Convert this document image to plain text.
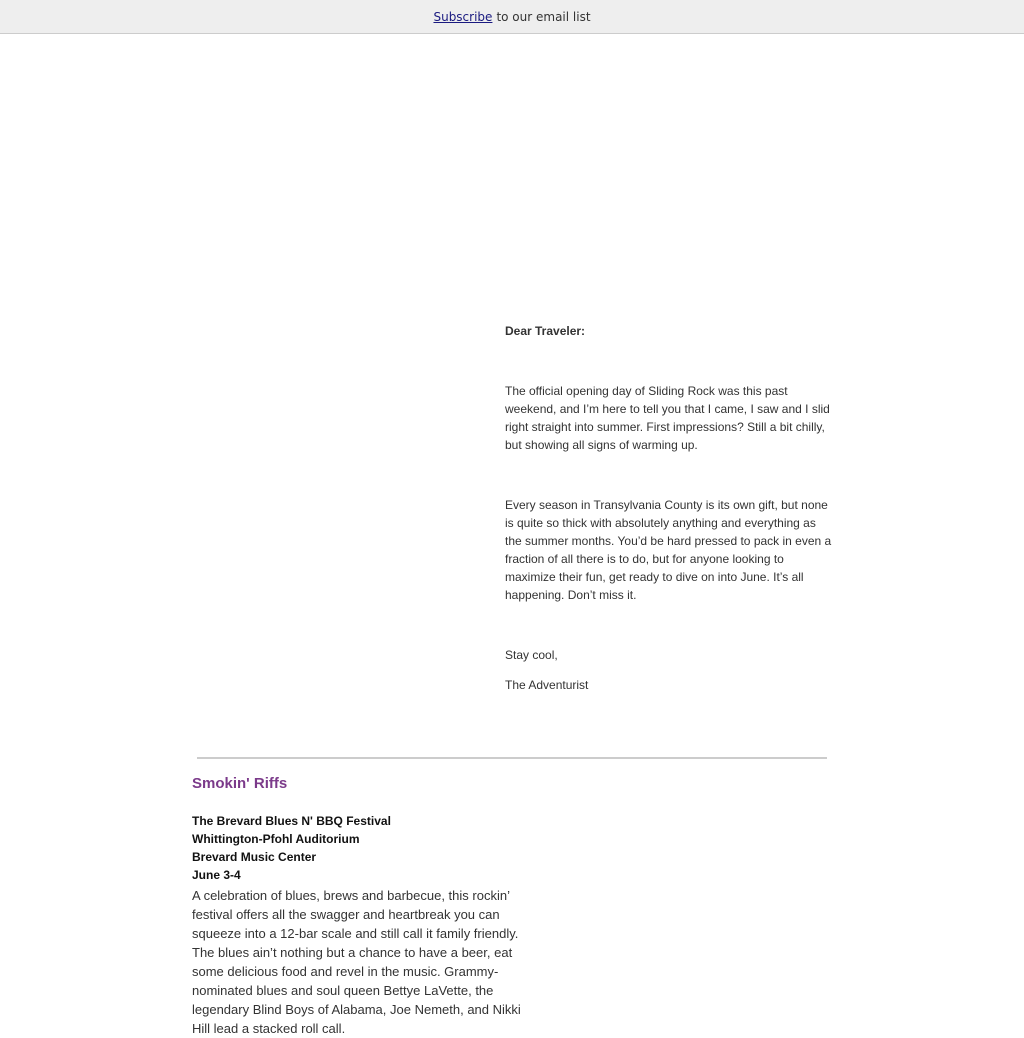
Subscribe to our email list

Dear Traveler:

The official opening day of Sliding Rock was this past weekend, and I’m here to tell you that I came, I saw and I slid right straight into summer. First impressions? Still a bit chilly, but showing all signs of warming up.

Every season in Transylvania County is its own gift, but none is quite so thick with absolutely anything and everything as the summer months. You’d be hard pressed to pack in even a fraction of all there is to do, but for anyone looking to maximize their fun, get ready to dive on into June. It’s all happening. Don’t miss it.

Stay cool,

The Adventurist

Smokin' Riffs
The Brevard Blues N' BBQ Festival
Whittington-Pfohl Auditorium
Brevard Music Center
June 3-4

A celebration of blues, brews and barbecue, this rockin’ festival offers all the swagger and heartbreak you can squeeze into a 12-bar scale and still call it family friendly. The blues ain’t nothing but a chance to have a beer, eat some delicious food and revel in the music. Grammy-nominated blues and soul queen Bettye LaVette, the legendary Blind Boys of Alabama, Joe Nemeth, and Nikki Hill lead a stacked roll call.
